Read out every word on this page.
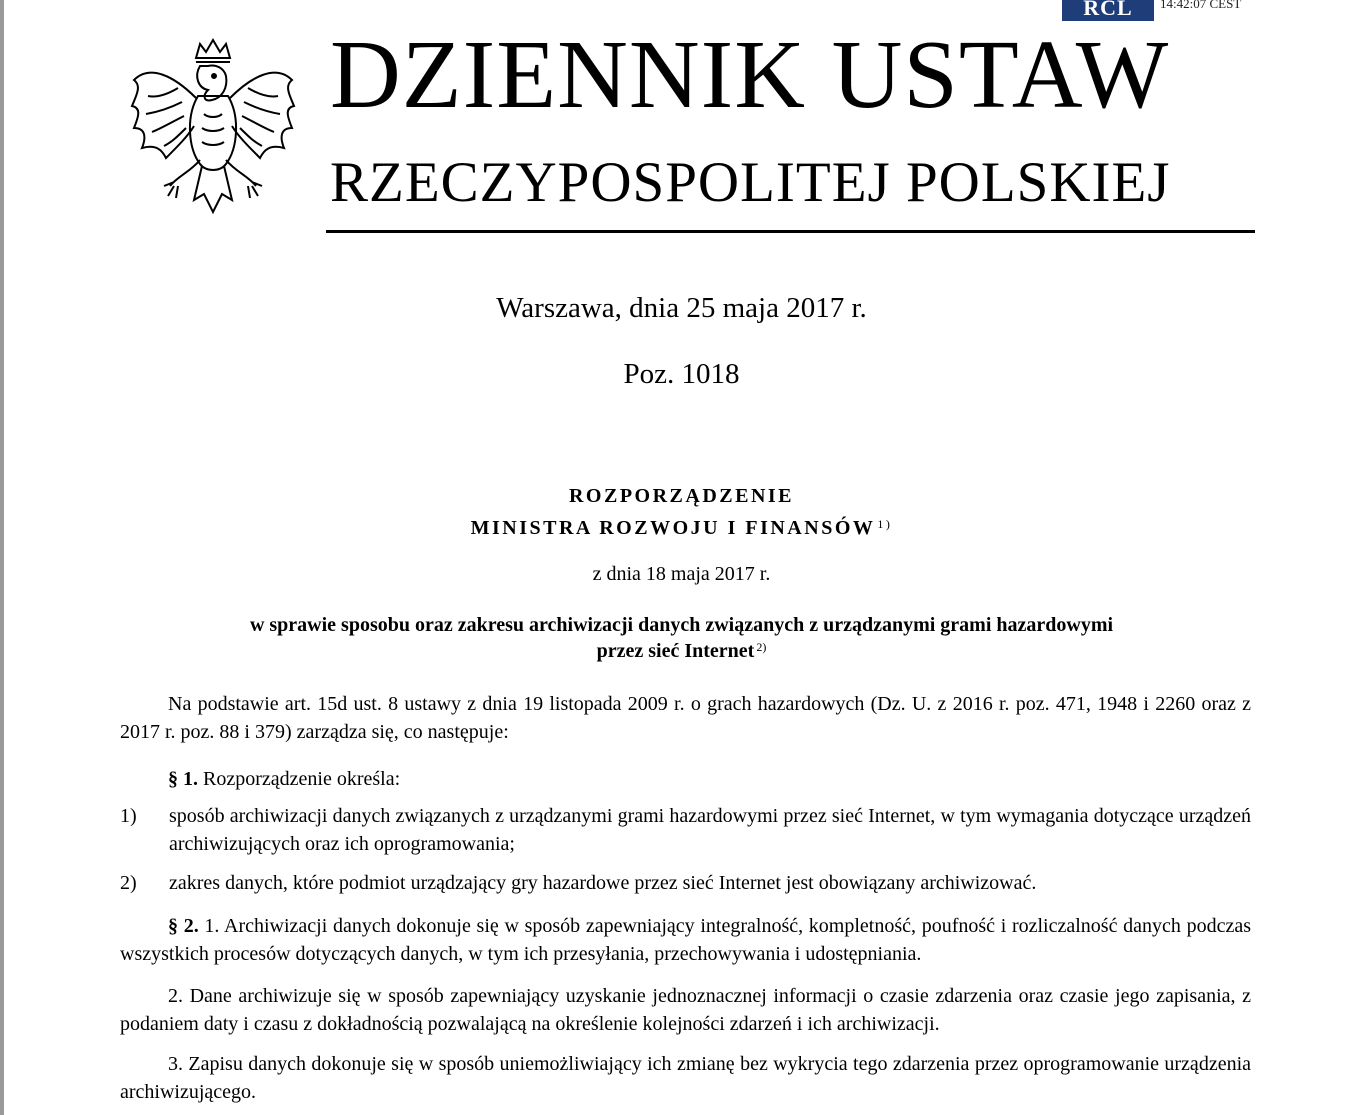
RCL	14:42:07 CEST
DZIENNIK USTAW
RZECZYPOSPOLITEJ POLSKIEJ
Warszawa, dnia 25 maja 2017 r.
Poz. 1018
ROZPORZĄDZENIE
MINISTRA ROZWOJU I FINANSÓW $^{1)}$
z dnia 18 maja 2017 r.
w sprawie sposobu oraz zakresu archiwizacji danych związanych z urządzanymi grami hazardowymi
przez sieć Internet $^{2)}$
Na podstawie art. 15d ust. 8 ustawy z dnia 19 listopada 2009 r. o grach hazardowych (Dz. U. z 2016 r. poz. 471, 1948 i 2260 oraz z 2017 r. poz. 88 i 379) zarządza się, co następuje:
§ 1. Rozporządzenie określa:
1) sposób archiwizacji danych związanych z urządzanymi grami hazardowymi przez sieć Internet, w tym wymagania dotyczące urządzeń archiwizujących oraz ich oprogramowania;
2) zakres danych, które podmiot urządzający gry hazardowe przez sieć Internet jest obowiązany archiwizować.
§ 2. 1. Archiwizacji danych dokonuje się w sposób zapewniający integralność, kompletność, poufność i rozliczalność danych podczas wszystkich procesów dotyczących danych, w tym ich przesyłania, przechowywania i udostępniania.
2. Dane archiwizuje się w sposób zapewniający uzyskanie jednoznacznej informacji o czasie zdarzenia oraz czasie jego zapisania, z podaniem daty i czasu z dokładnością pozwalającą na określenie kolejności zdarzeń i ich archiwizacji.
3. Zapisu danych dokonuje się w sposób uniemożliwiający ich zmianę bez wykrycia tego zdarzenia przez oprogramowanie urządzenia archiwizującego.
